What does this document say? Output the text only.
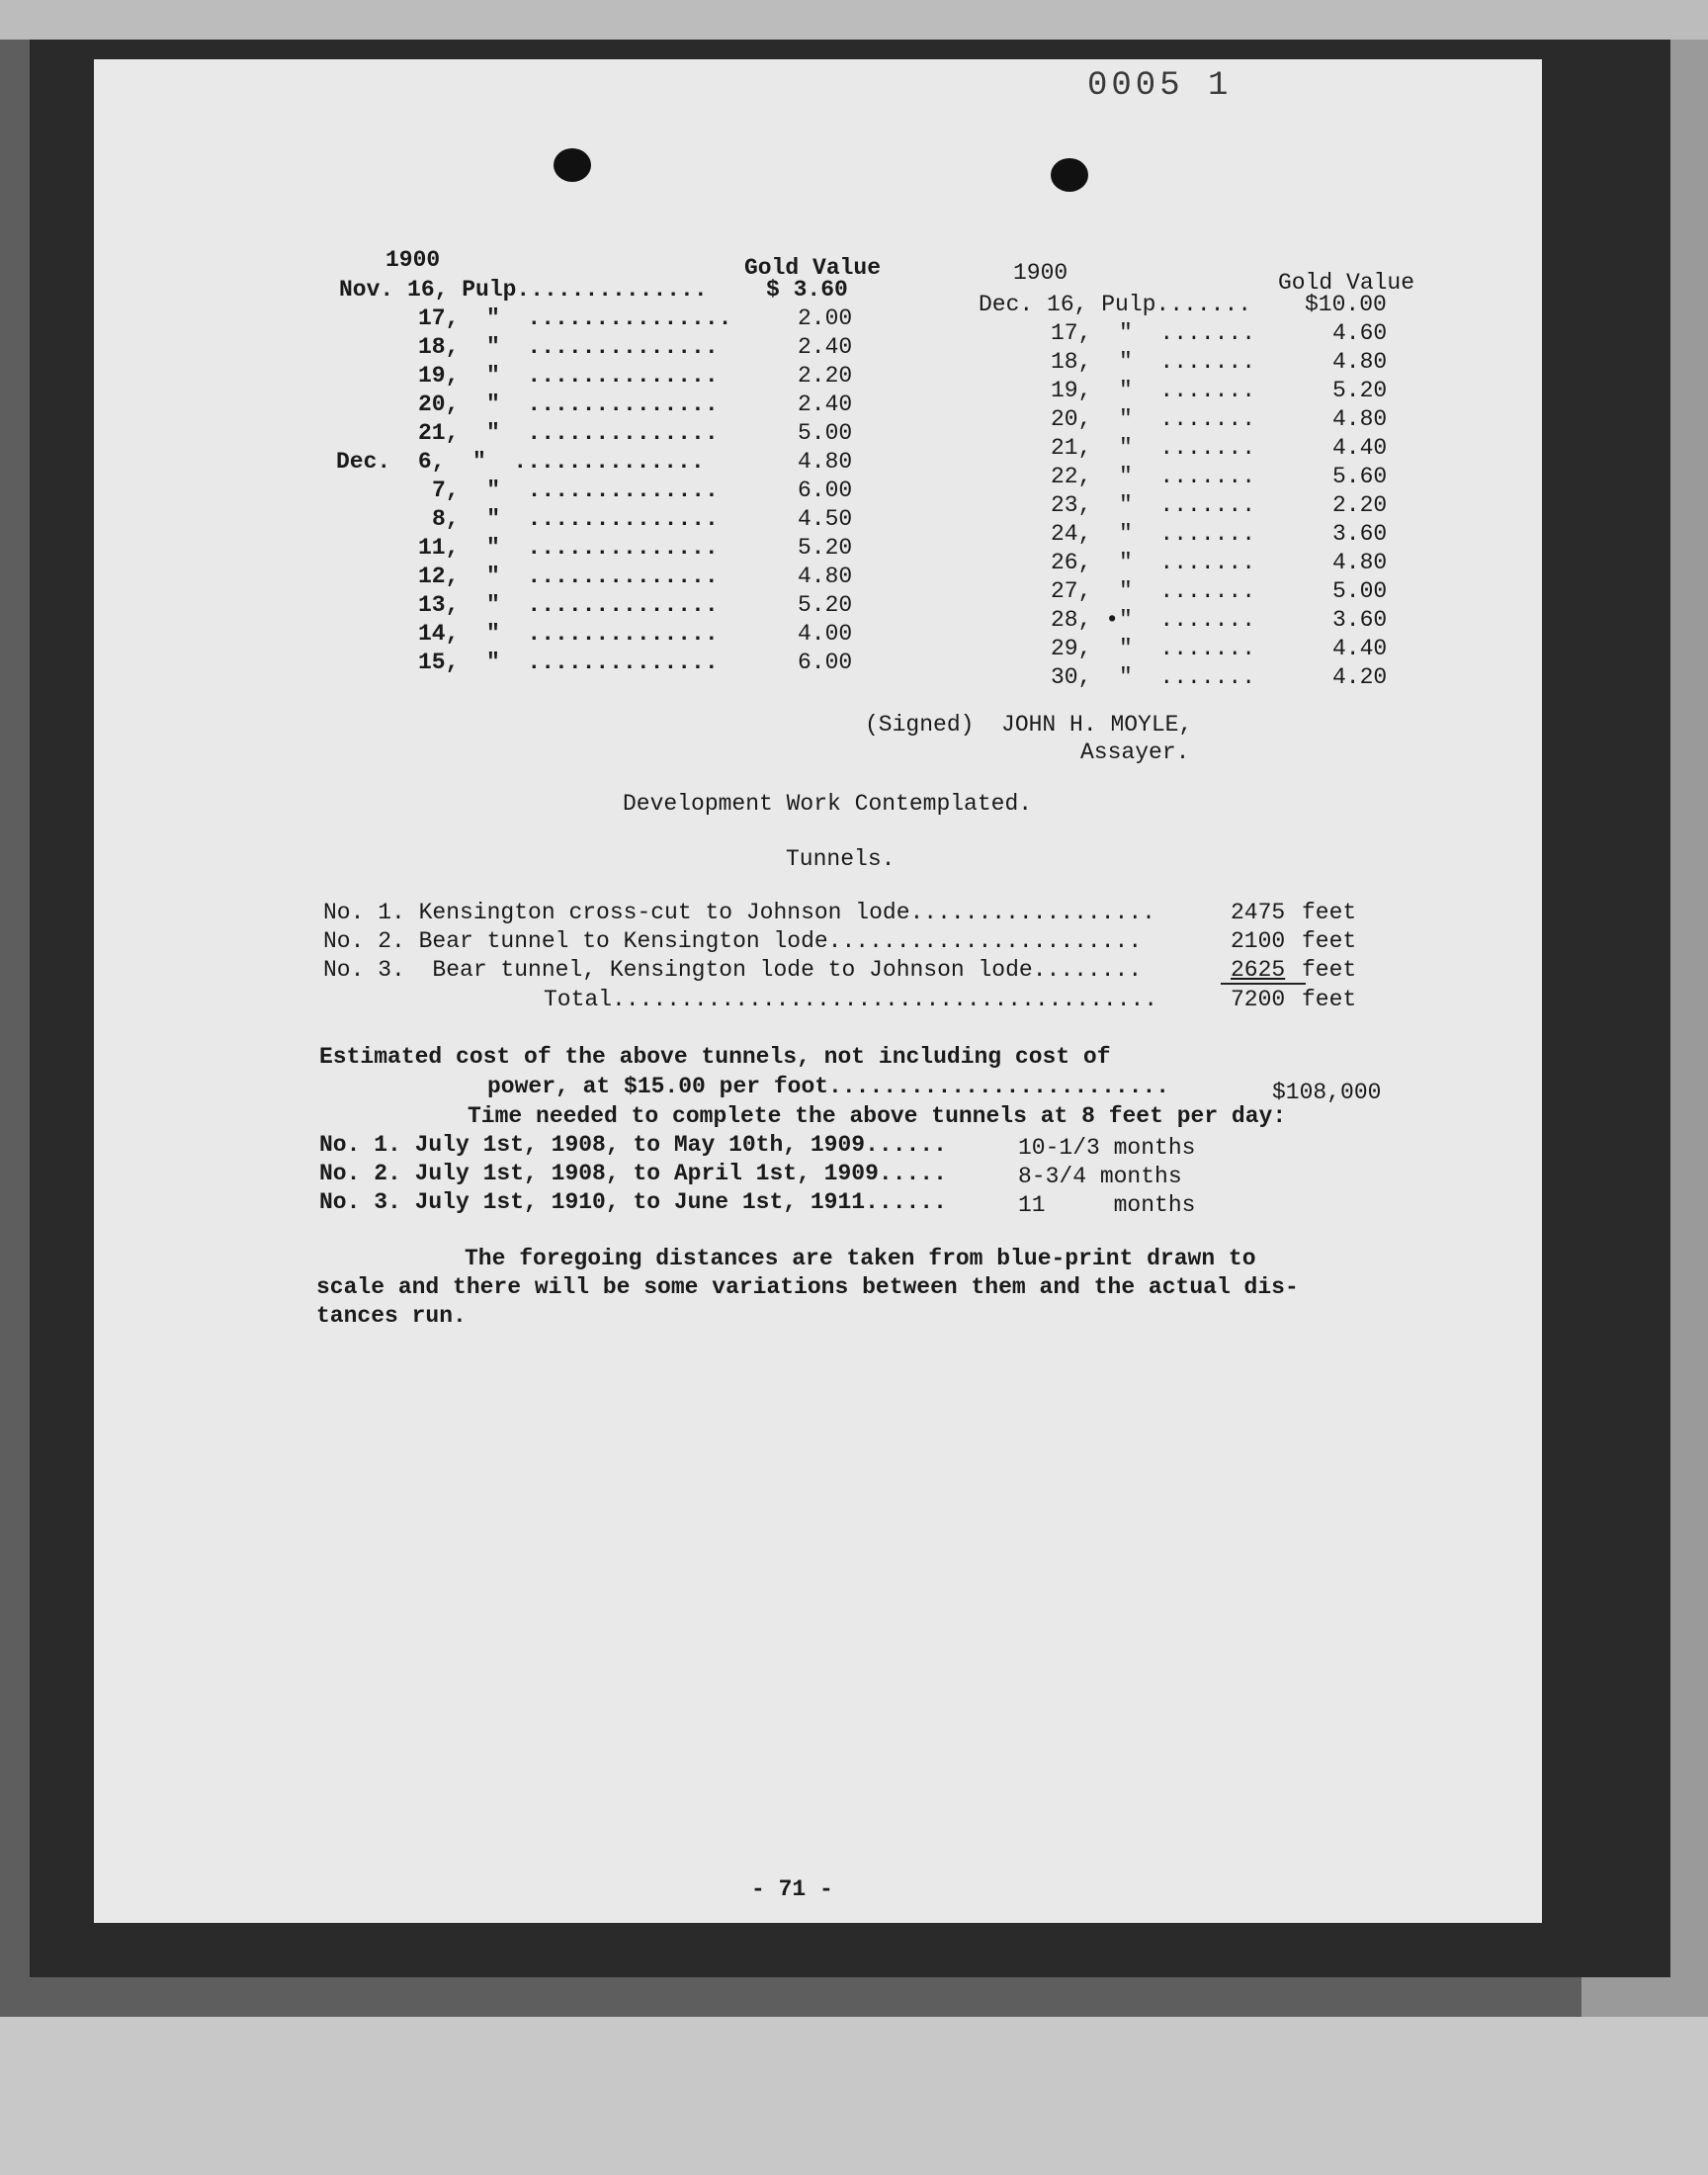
0005 1
1900	Gold Value
Nov. 16, Pulp..............	$ 3.60
17,  "  ...............	2.00
18,  "  ..............	2.40
19,  "  ..............	2.20
20,  "  ..............	2.40
21,  "  ..............	5.00
Dec.  6,  "  ..............	4.80
7,  "  ..............	6.00
8,  "  ..............	4.50
11,  "  ..............	5.20
12,  "  ..............	4.80
13,  "  ..............	5.20
14,  "  ..............	4.00
15,  "  ..............	6.00
1900	Gold Value
Dec. 16, Pulp....... $10.00
17,  "  .......	4.60
18,  "  .......	4.80
19,  "  .......	5.20
20,  "  .......	4.80
21,  "  .......	4.40
22,  "  .......	5.60
23,  "  .......	2.20
24,  "  .......	3.60
26,  "  .......	4.80
27,  "  .......	5.00
28, •"  .......	3.60
29,  "  .......	4.40
30,  "  .......	4.20
(Signed)  JOHN H. MOYLE,
Assayer.
Development Work Contemplated.
Tunnels.
No. 1. Kensington cross-cut to Johnson lode..................	2475 feet
No. 2. Bear tunnel to Kensington lode.......................	2100 feet
No. 3.  Bear tunnel, Kensington lode to Johnson lode........	2625 feet
Total........................................	7200 feet
Estimated cost of the above tunnels, not including cost of
power, at $15.00 per foot.........................	$108,000
Time needed to complete the above tunnels at 8 feet per day:
No. 1. July 1st, 1908, to May 10th, 1909......	10-1/3 months
No. 2. July 1st, 1908, to April 1st, 1909.....	8-3/4 months
No. 3. July 1st, 1910, to June 1st, 1911......	11     months
The foregoing distances are taken from blue-print drawn to
scale and there will be some variations between them and the actual dis-
tances run.
- 71 -
